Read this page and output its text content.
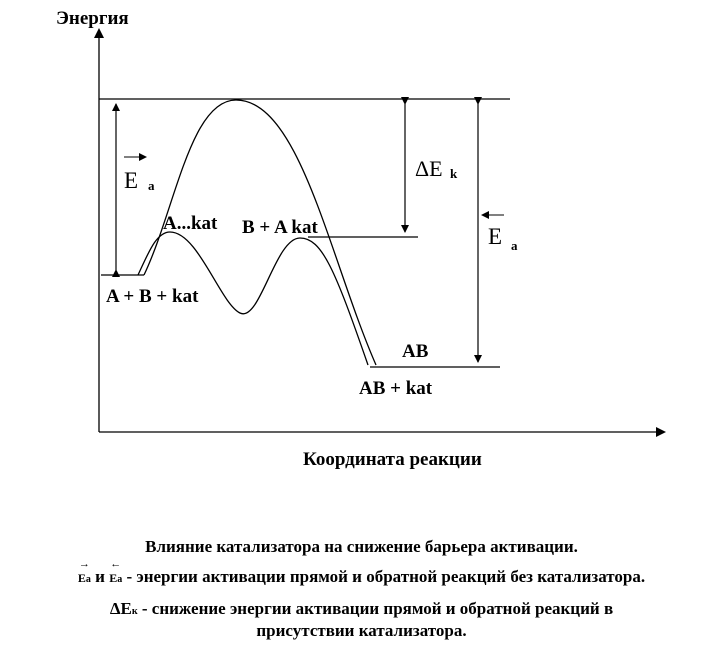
Энергия
Координата реакции
E a
ΔE k
E a
A...kat B + A kat
A + B + kat
AB
AB + kat
Влияние катализатора на снижение барьера активации.
→
Ea и
←
Ea - энергии активации прямой и обратной реакций без катализатора.
ΔEк - снижение энергии активации прямой и обратной реакций в
присутствии катализатора.
